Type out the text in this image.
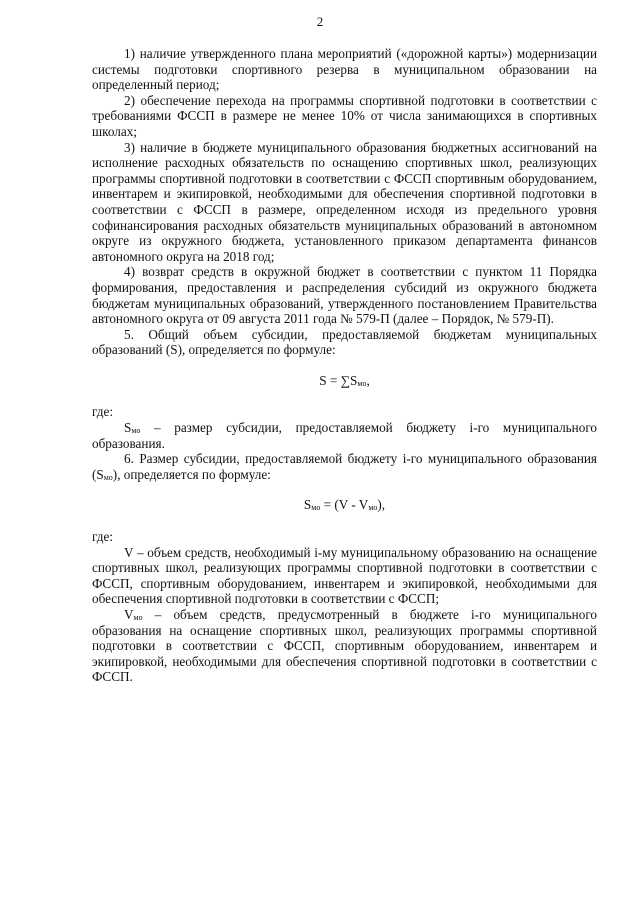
2

1) наличие утвержденного плана мероприятий («дорожной карты») модернизации системы подготовки спортивного резерва в муниципальном образовании на определенный период;

2) обеспечение перехода на программы спортивной подготовки в соответствии с требованиями ФССП в размере не менее 10% от числа занимающихся в спортивных школах;

3) наличие в бюджете муниципального образования бюджетных ассигнований на исполнение расходных обязательств по оснащению спортивных школ, реализующих программы спортивной подготовки в соответствии с ФССП спортивным оборудованием, инвентарем и экипировкой, необходимыми для обеспечения спортивной подготовки в соответствии с ФССП в размере, определенном исходя из предельного уровня софинансирования расходных обязательств муниципальных образований в автономном округе из окружного бюджета, установленного приказом департамента финансов автономного округа на 2018 год;

4) возврат средств в окружной бюджет в соответствии с пунктом 11 Порядка формирования, предоставления и распределения субсидий из окружного бюджета бюджетам муниципальных образований, утвержденного постановлением Правительства автономного округа от 09 августа 2011 года № 579-П (далее – Порядок, № 579-П).

5. Общий объем субсидии, предоставляемой бюджетам муниципальных образований (S), определяется по формуле:

$S = \sum S_{мо}$,

где:

$S_{мо}$ – размер субсидии, предоставляемой бюджету i-го муниципального образования.

6. Размер субсидии, предоставляемой бюджету i-го муниципального образования $(S_{мо})$, определяется по формуле:

$S_{мо} = (V - V_{мо})$,

где:

V – объем средств, необходимый i-му муниципальному образованию на оснащение спортивных школ, реализующих программы спортивной подготовки в соответствии с ФССП, спортивным оборудованием, инвентарем и экипировкой, необходимыми для обеспечения спортивной подготовки в соответствии с ФССП;

$V_{мо}$ – объем средств, предусмотренный в бюджете i-го муниципального образования на оснащение спортивных школ, реализующих программы спортивной подготовки в соответствии с ФССП, спортивным оборудованием, инвентарем и экипировкой, необходимыми для обеспечения спортивной подготовки в соответствии с ФССП.
